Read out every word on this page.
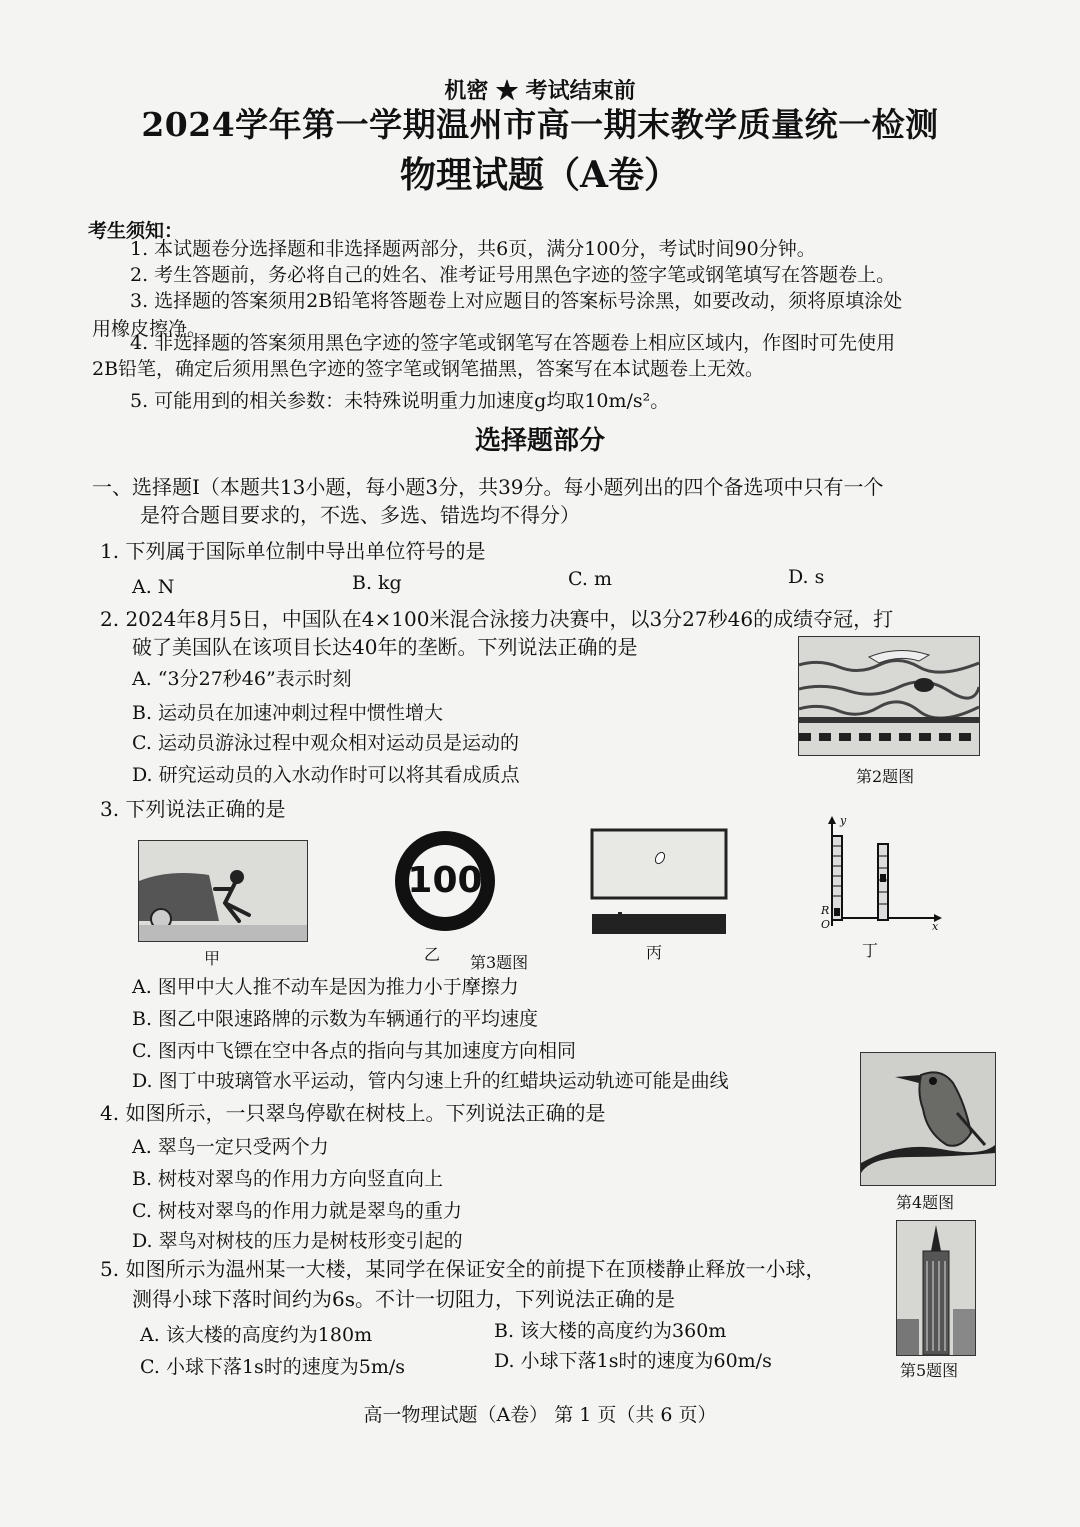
机密 ★ 考试结束前
2024学年第一学期温州市高一期末教学质量统一检测
物理试题（A卷）
考生须知：
1. 本试题卷分选择题和非选择题两部分，共6页，满分100分，考试时间90分钟。
2. 考生答题前，务必将自己的姓名、准考证号用黑色字迹的签字笔或钢笔填写在答题卷上。
3. 选择题的答案须用2B铅笔将答题卷上对应题目的答案标号涂黑，如要改动，须将原填涂处
用橡皮擦净。
4. 非选择题的答案须用黑色字迹的签字笔或钢笔写在答题卷上相应区域内，作图时可先使用
2B铅笔，确定后须用黑色字迹的签字笔或钢笔描黑，答案写在本试题卷上无效。
5. 可能用到的相关参数：未特殊说明重力加速度g均取10m/s²。
选择题部分
一、选择题Ⅰ（本题共13小题，每小题3分，共39分。每小题列出的四个备选项中只有一个
是符合题目要求的，不选、多选、错选均不得分）
1. 下列属于国际单位制中导出单位符号的是
A. N	B. kg	C. m	D. s
2. 2024年8月5日，中国队在4×100米混合泳接力决赛中，以3分27秒46的成绩夺冠，打
破了美国队在该项目长达40年的垄断。下列说法正确的是
A. “3分27秒46”表示时刻
B. 运动员在加速冲刺过程中惯性增大
C. 运动员游泳过程中观众相对运动员是运动的
D. 研究运动员的入水动作时可以将其看成质点	第2题图
3. 下列说法正确的是
甲
100
乙 第3题图
丙
y
x
O
R
丁
A. 图甲中大人推不动车是因为推力小于摩擦力
B. 图乙中限速路牌的示数为车辆通行的平均速度
C. 图丙中飞镖在空中各点的指向与其加速度方向相同
D. 图丁中玻璃管水平运动，管内匀速上升的红蜡块运动轨迹可能是曲线
第4题图
4. 如图所示，一只翠鸟停歇在树枝上。下列说法正确的是
A. 翠鸟一定只受两个力
B. 树枝对翠鸟的作用力方向竖直向上
C. 树枝对翠鸟的作用力就是翠鸟的重力
D. 翠鸟对树枝的压力是树枝形变引起的
第5题图
5. 如图所示为温州某一大楼，某同学在保证安全的前提下在顶楼静止释放一小球，
测得小球下落时间约为6s。不计一切阻力，下列说法正确的是
A. 该大楼的高度约为180m	B. 该大楼的高度约为360m
C. 小球下落1s时的速度为5m/s	D. 小球下落1s时的速度为60m/s
高一物理试题（A卷） 第 1 页（共 6 页）
